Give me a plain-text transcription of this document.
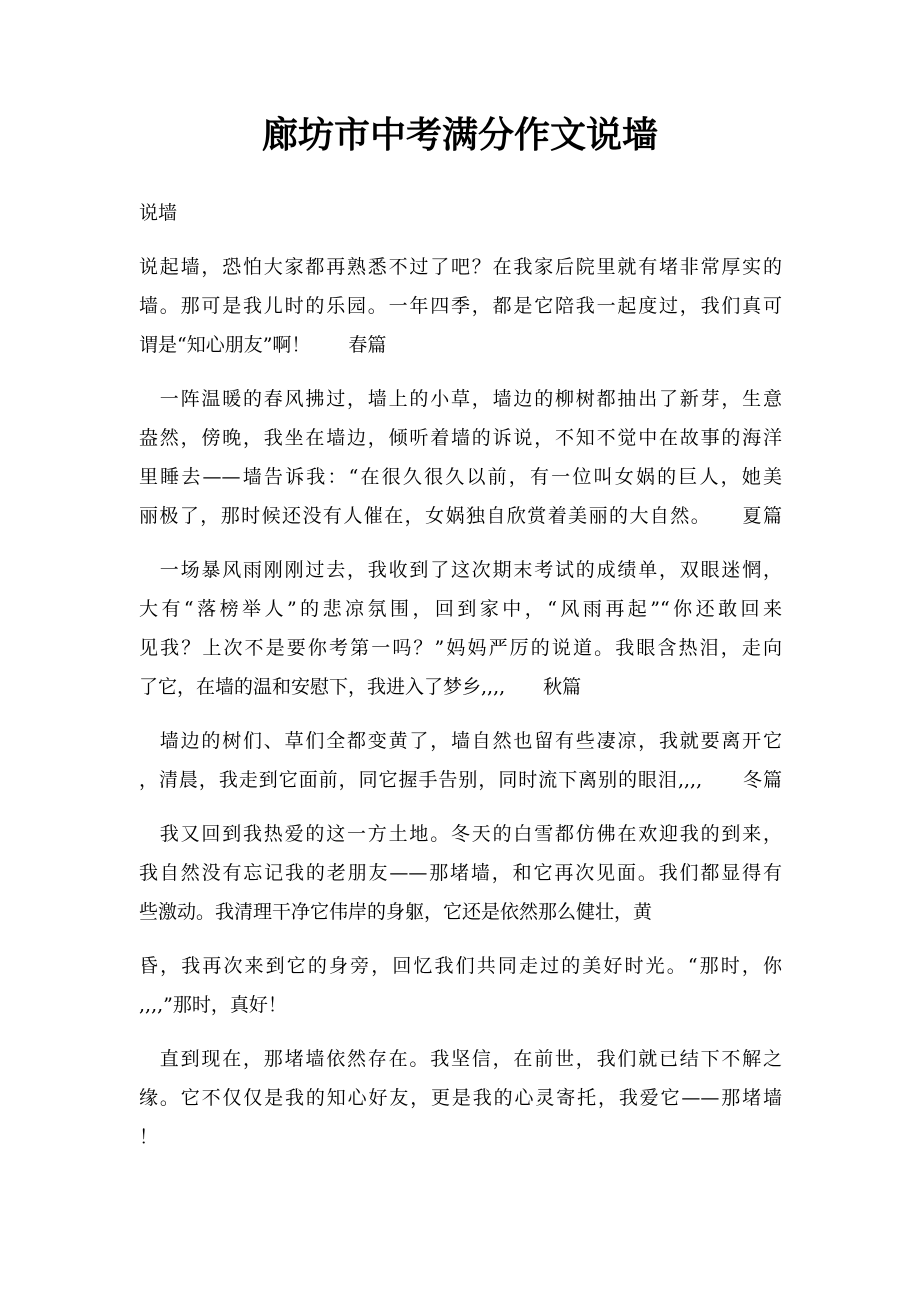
廊坊市中考满分作文说墙
说墙
说起墙，恐怕大家都再熟悉不过了吧？在我家后院里就有堵非常厚实的
墙。那可是我儿时的乐园。一年四季，都是它陪我一起度过，我们真可
谓是“知心朋友”啊！　　春篇
　一阵温暖的春风拂过，墙上的小草，墙边的柳树都抽出了新芽，生意
盎然，傍晚，我坐在墙边，倾听着墙的诉说，不知不觉中在故事的海洋
里睡去——墙告诉我：“在很久很久以前，有一位叫女娲的巨人，她美
丽极了，那时候还没有人催在，女娲独自欣赏着美丽的大自然。　　夏篇
　一场暴风雨刚刚过去，我收到了这次期末考试的成绩单，双眼迷惘，
大有“落榜举人”的悲凉氛围，回到家中，“风雨再起”“你还敢回来
见我？上次不是要你考第一吗？”妈妈严厉的说道。我眼含热泪，走向
了它，在墙的温和安慰下，我进入了梦乡,,,,　　秋篇
　墙边的树们、草们全都变黄了，墙自然也留有些凄凉，我就要离开它
，清晨，我走到它面前，同它握手告别，同时流下离别的眼泪,,,,　　冬篇
　我又回到我热爱的这一方土地。冬天的白雪都仿佛在欢迎我的到来，
我自然没有忘记我的老朋友——那堵墙，和它再次见面。我们都显得有
些激动。我清理干净它伟岸的身躯，它还是依然那么健壮，黄
昏，我再次来到它的身旁，回忆我们共同走过的美好时光。“那时，你
,,,,”那时，真好！
　直到现在，那堵墙依然存在。我坚信，在前世，我们就已结下不解之
缘。它不仅仅是我的知心好友，更是我的心灵寄托，我爱它——那堵墙
！
